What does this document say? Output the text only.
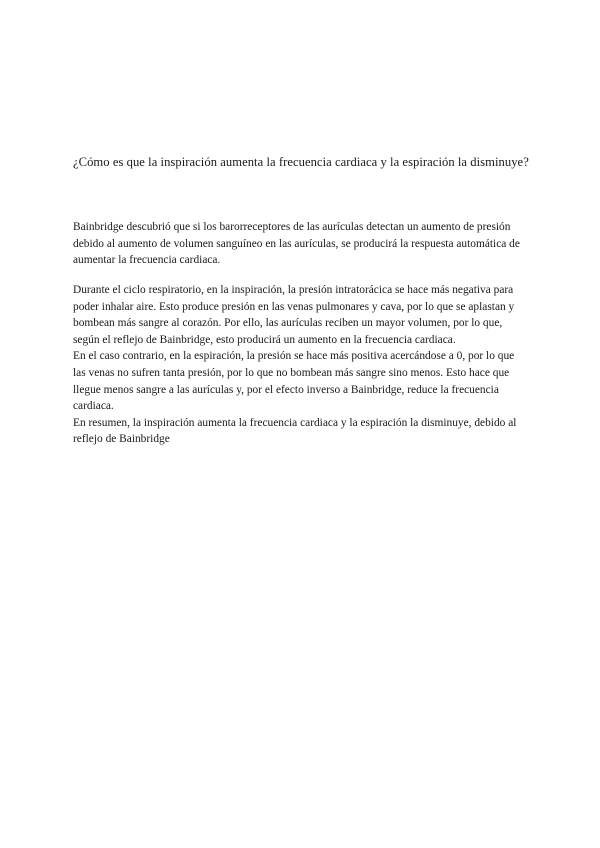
¿Cómo es que la inspiración aumenta la frecuencia cardiaca y la espiración la disminuye?

Bainbridge descubrió que si los barorreceptores de las aurículas detectan un aumento de presión debido al aumento de volumen sanguíneo en las aurículas, se producirá la respuesta automática de aumentar la frecuencia cardiaca.

Durante el ciclo respiratorio, en la inspiración, la presión intratorácica se hace más negativa para poder inhalar aire. Esto produce presión en las venas pulmonares y cava, por lo que se aplastan y bombean más sangre al corazón. Por ello, las aurículas reciben un mayor volumen, por lo que, según el reflejo de Bainbridge, esto producirá un aumento en la frecuencia cardiaca.
En el caso contrario, en la espiración, la presión se hace más positiva acercándose a 0, por lo que las venas no sufren tanta presión, por lo que no bombean más sangre sino menos. Esto hace que llegue menos sangre a las aurículas y, por el efecto inverso a Bainbridge, reduce la frecuencia cardiaca.
En resumen, la inspiración aumenta la frecuencia cardiaca y la espiración la disminuye, debido al reflejo de Bainbridge
